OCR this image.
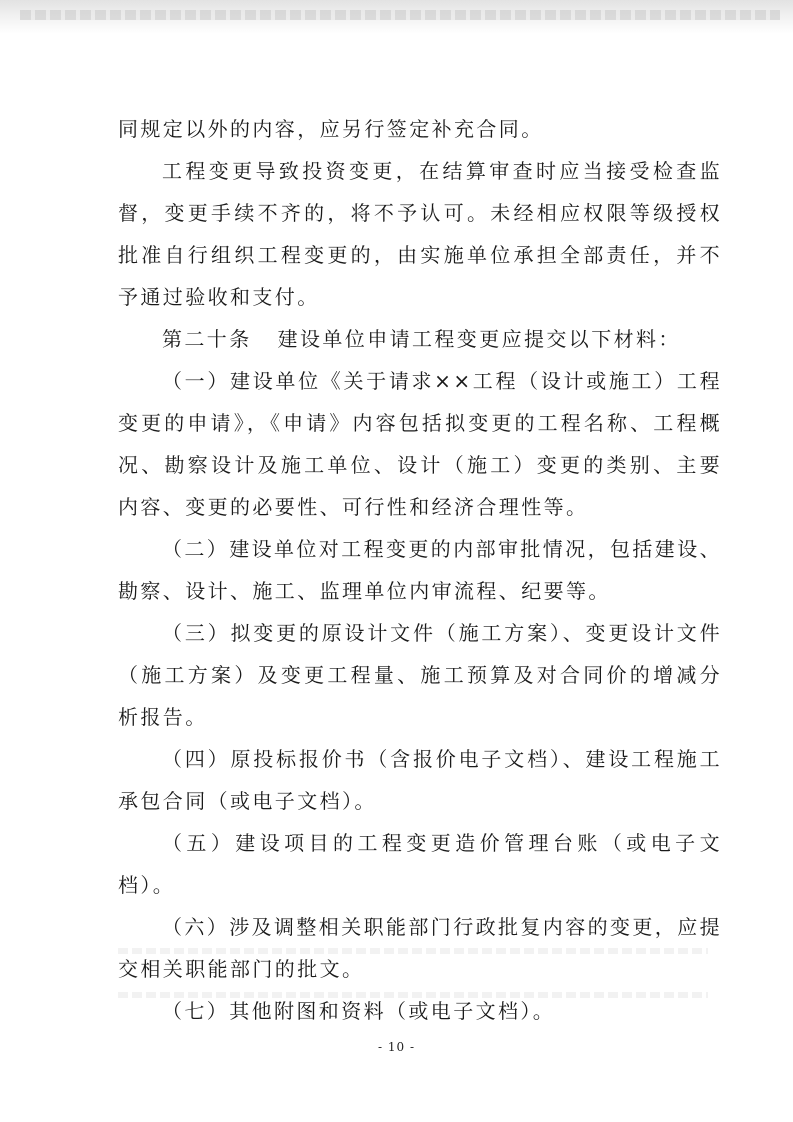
同规定以外的内容，应另行签定补充合同。

工程变更导致投资变更，在结算审查时应当接受检查监督，变更手续不齐的，将不予认可。未经相应权限等级授权批准自行组织工程变更的，由实施单位承担全部责任，并不予通过验收和支付。

第二十条 建设单位申请工程变更应提交以下材料：

（一）建设单位《关于请求××工程（设计或施工）工程变更的申请》，《申请》内容包括拟变更的工程名称、工程概况、勘察设计及施工单位、设计（施工）变更的类别、主要内容、变更的必要性、可行性和经济合理性等。

（二）建设单位对工程变更的内部审批情况，包括建设、勘察、设计、施工、监理单位内审流程、纪要等。

（三）拟变更的原设计文件（施工方案）、变更设计文件（施工方案）及变更工程量、施工预算及对合同价的增减分析报告。

（四）原投标报价书（含报价电子文档）、建设工程施工承包合同（或电子文档）。

（五）建设项目的工程变更造价管理台账（或电子文档）。

（六）涉及调整相关职能部门行政批复内容的变更，应提交相关职能部门的批文。

（七）其他附图和资料（或电子文档）。

- 10 -
